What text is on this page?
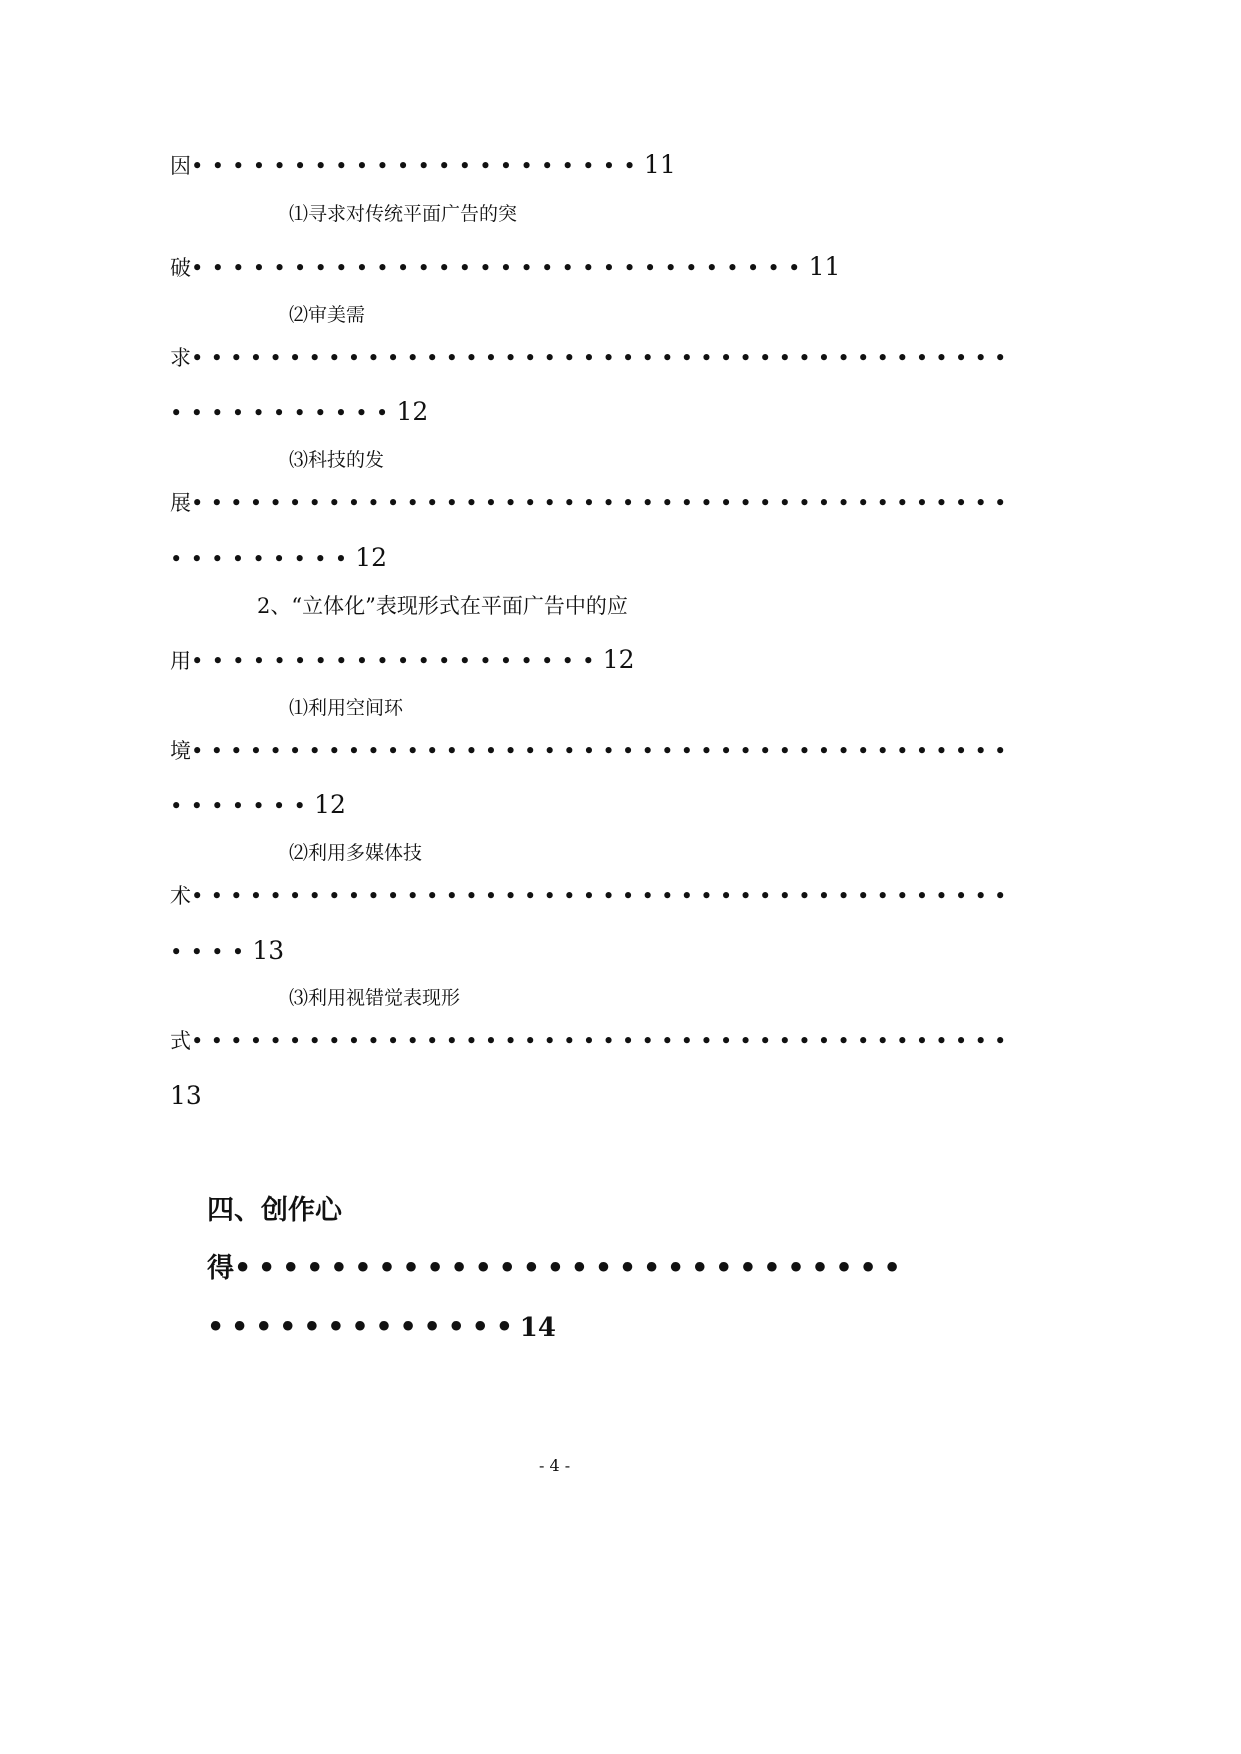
因••••••••••••••••••••••11
⑴寻求对传统平面广告的突
破••••••••••••••••••••••••••••••11
⑵审美需
求••••••••••••••••••••••••••••••••••••••••••
•••••••••••12
⑶科技的发
展••••••••••••••••••••••••••••••••••••••••••
•••••••••12
2、“立体化”表现形式在平面广告中的应
用••••••••••••••••••••12
⑴利用空间环
境••••••••••••••••••••••••••••••••••••••••••
•••••••12
⑵利用多媒体技
术••••••••••••••••••••••••••••••••••••••••••
••••13
⑶利用视错觉表现形
式••••••••••••••••••••••••••••••••••••••••••
13
四、创作心
得••••••••••••••••••••••••••••
•••••••••••••14
- 4 -
